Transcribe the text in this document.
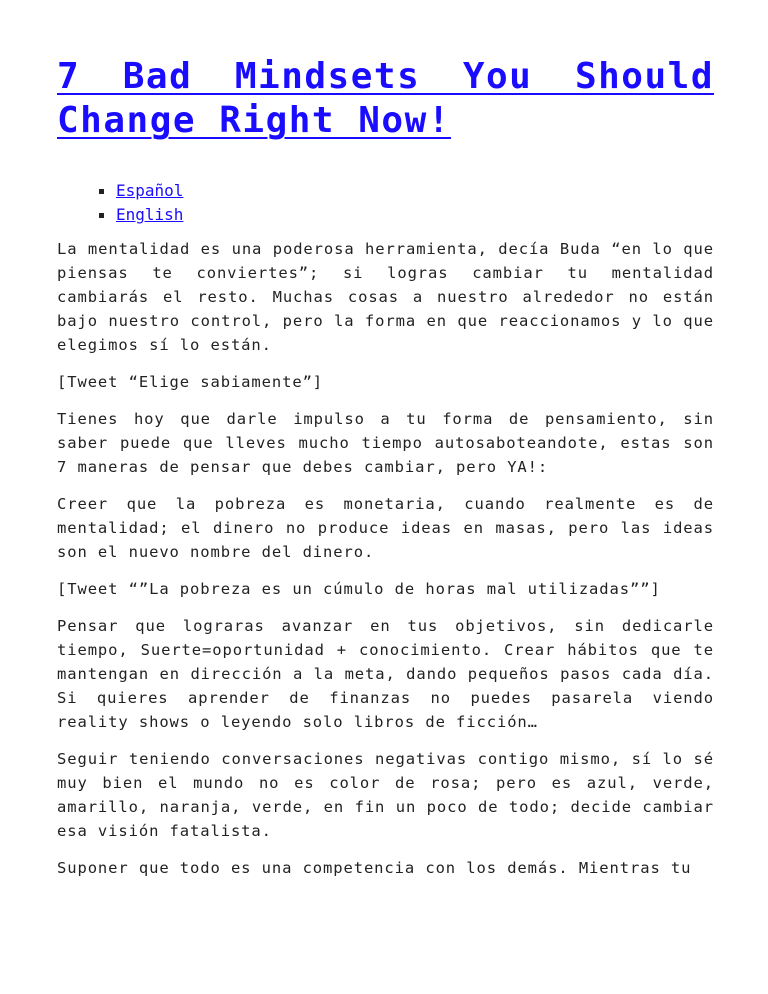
7 Bad Mindsets You Should Change Right Now!
Español
English

La mentalidad es una poderosa herramienta, decía Buda “en lo que piensas te conviertes”; si logras cambiar tu mentalidad cambiarás el resto. Muchas cosas a nuestro alrededor no están bajo nuestro control, pero la forma en que reaccionamos y lo que elegimos sí lo están.

[Tweet “Elige sabiamente”]

Tienes hoy que darle impulso a tu forma de pensamiento, sin saber puede que lleves mucho tiempo autosaboteandote, estas son 7 maneras de pensar que debes cambiar, pero YA!:

Creer que la pobreza es monetaria, cuando realmente es de mentalidad; el dinero no produce ideas en masas, pero las ideas son el nuevo nombre del dinero.

[Tweet “”La pobreza es un cúmulo de horas mal utilizadas””]

Pensar que lograras avanzar en tus objetivos, sin dedicarle tiempo, Suerte=oportunidad + conocimiento. Crear hábitos que te mantengan en dirección a la meta, dando pequeños pasos cada día. Si quieres aprender de finanzas no puedes pasarela viendo reality shows o leyendo solo libros de ficción…

Seguir teniendo conversaciones negativas contigo mismo, sí lo sé muy bien el mundo no es color de rosa; pero es azul, verde, amarillo, naranja, verde, en fin un poco de todo; decide cambiar esa visión fatalista.

Suponer que todo es una competencia con los demás. Mientras tu
